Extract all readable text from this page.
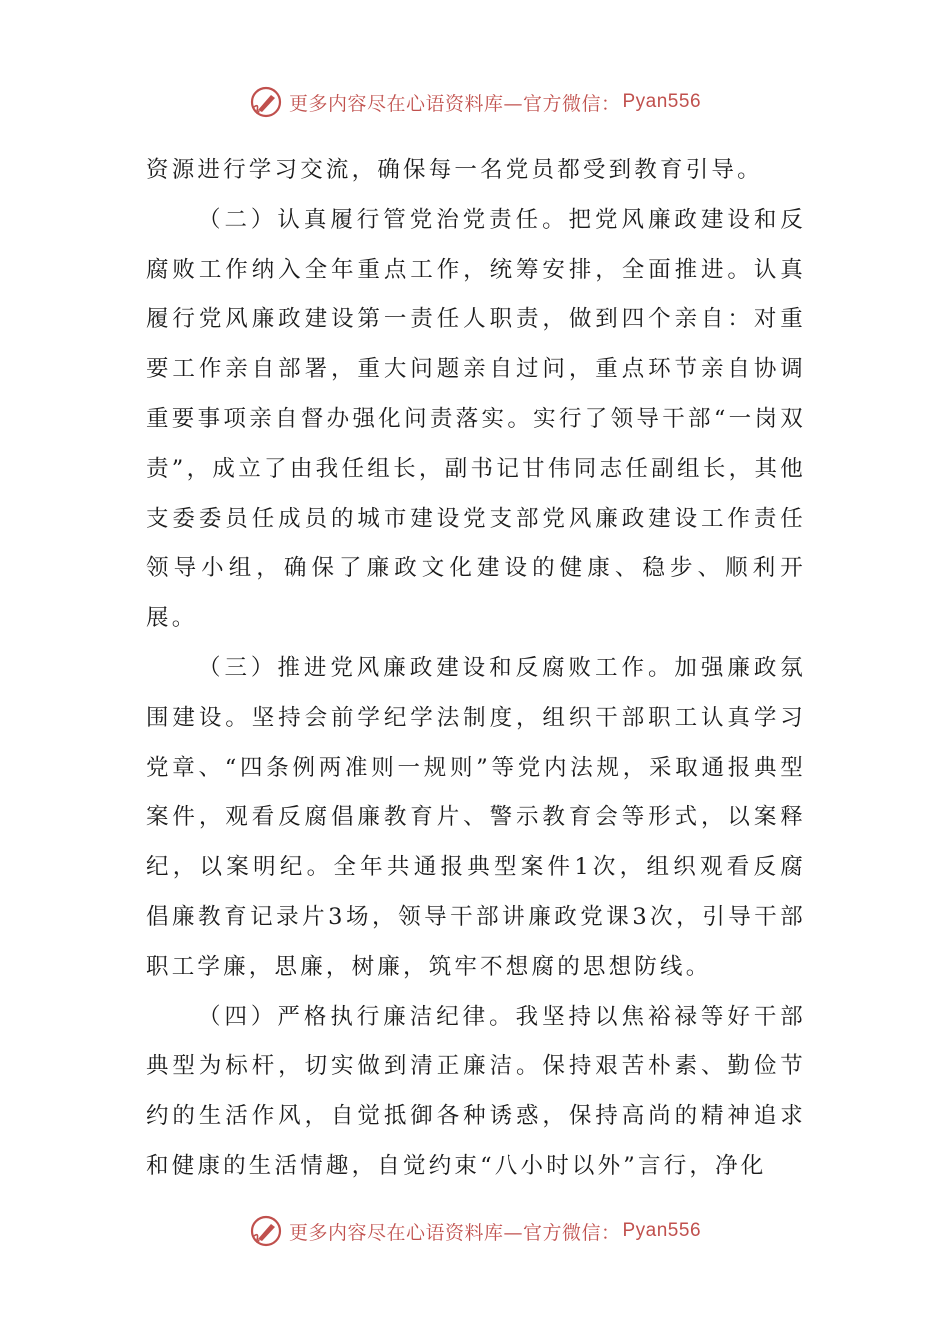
更多内容尽在心语资料库—官方微信： Pyan556

资源进行学习交流，确保每一名党员都受到教育引导。

（二）认真履行管党治党责任。把党风廉政建设和反腐败工作纳入全年重点工作，统筹安排，全面推进。认真履行党风廉政建设第一责任人职责，做到四个亲自：对重要工作亲自部署，重大问题亲自过问，重点环节亲自协调重要事项亲自督办强化问责落实。实行了领导干部“一岗双责”，成立了由我任组长，副书记甘伟同志任副组长，其他支委委员任成员的城市建设党支部党风廉政建设工作责任领导小组，确保了廉政文化建设的健康、稳步、顺利开展。

（三）推进党风廉政建设和反腐败工作。加强廉政氛围建设。坚持会前学纪学法制度，组织干部职工认真学习党章、“四条例两准则一规则”等党内法规，采取通报典型案件，观看反腐倡廉教育片、警示教育会等形式，以案释纪，以案明纪。全年共通报典型案件1次，组织观看反腐倡廉教育记录片3场，领导干部讲廉政党课3次，引导干部职工学廉，思廉，树廉，筑牢不想腐的思想防线。

（四）严格执行廉洁纪律。我坚持以焦裕禄等好干部典型为标杆，切实做到清正廉洁。保持艰苦朴素、勤俭节约的生活作风，自觉抵御各种诱惑，保持高尚的精神追求和健康的生活情趣，自觉约束“八小时以外”言行，净化

更多内容尽在心语资料库—官方微信： Pyan556
